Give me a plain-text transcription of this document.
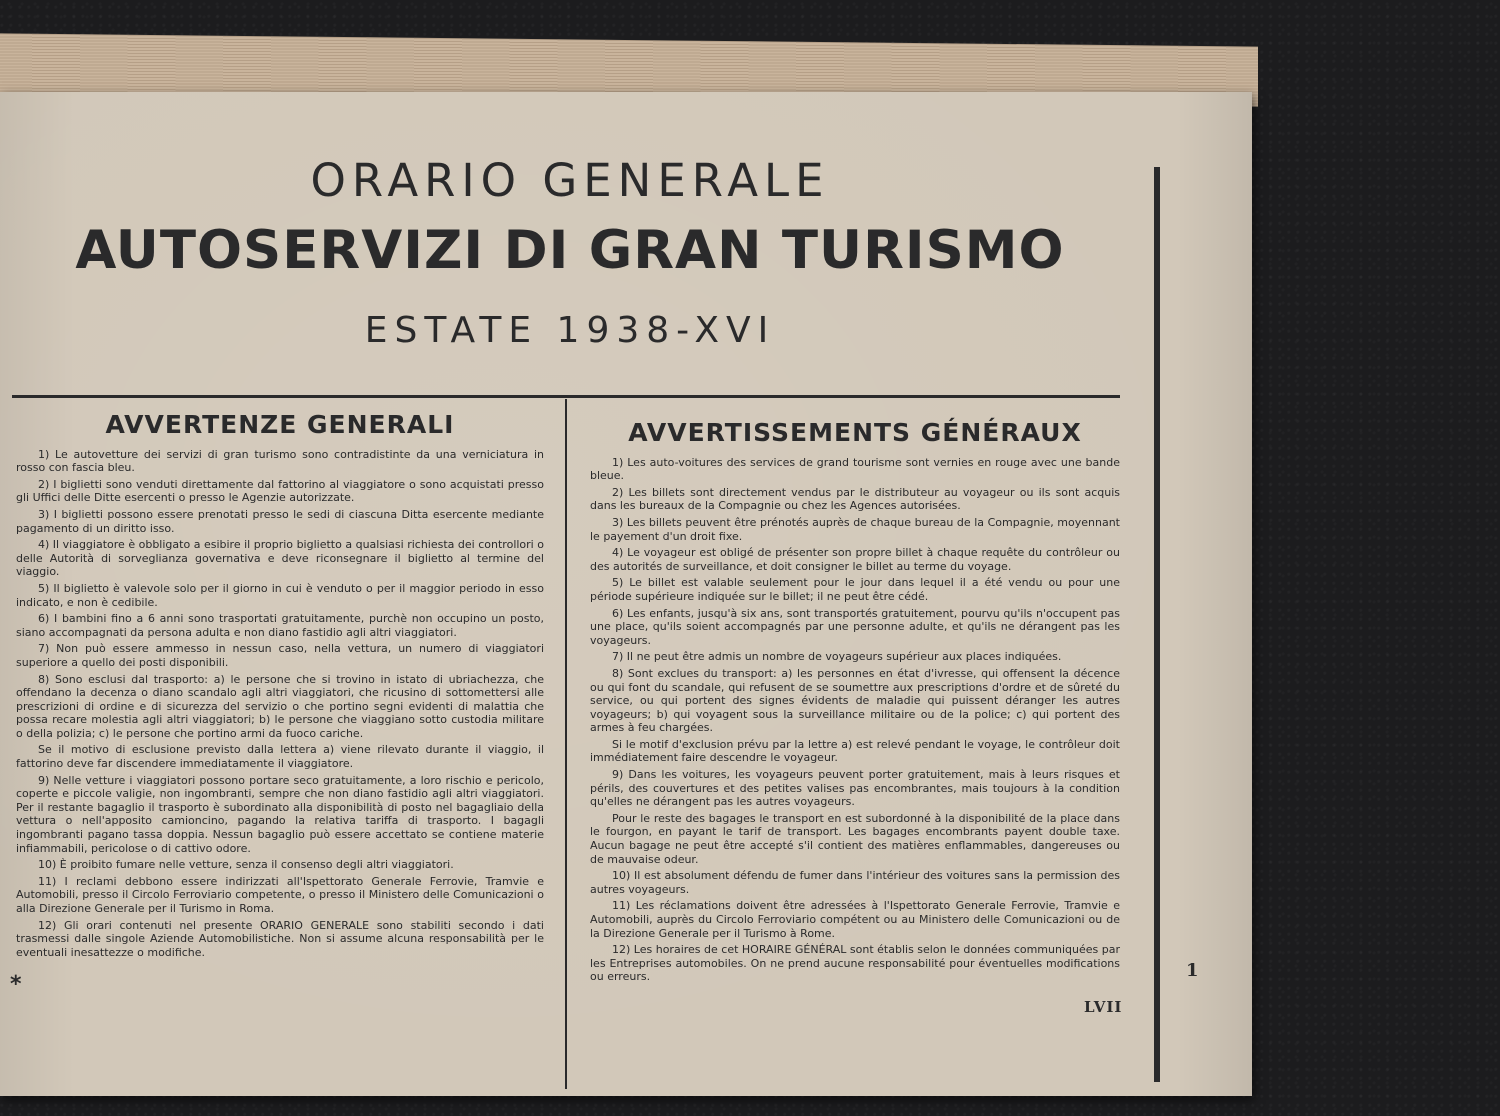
ORARIO GENERALE
AUTOSERVIZI DI GRAN TURISMO
ESTATE 1938-XVI
AVVERTENZE GENERALI

1) Le autovetture dei servizi di gran turismo sono contradistinte da una verniciatura in rosso con fascia bleu.

2) I biglietti sono venduti direttamente dal fattorino al viaggiatore o sono acquistati presso gli Uffici delle Ditte esercenti o presso le Agenzie autorizzate.

3) I biglietti possono essere prenotati presso le sedi di ciascuna Ditta esercente mediante pagamento di un diritto isso.

4) Il viaggiatore è obbligato a esibire il proprio biglietto a qualsiasi richiesta dei controllori o delle Autorità di sorveglianza governativa e deve riconsegnare il biglietto al termine del viaggio.

5) Il biglietto è valevole solo per il giorno in cui è venduto o per il maggior periodo in esso indicato, e non è cedibile.

6) I bambini fino a 6 anni sono trasportati gratuitamente, purchè non occupino un posto, siano accompagnati da persona adulta e non diano fastidio agli altri viaggiatori.

7) Non può essere ammesso in nessun caso, nella vettura, un numero di viaggiatori superiore a quello dei posti disponibili.

8) Sono esclusi dal trasporto: a) le persone che si trovino in istato di ubriachezza, che offendano la decenza o diano scandalo agli altri viaggiatori, che ricusino di sottomettersi alle prescrizioni di ordine e di sicurezza del servizio o che portino segni evidenti di malattia che possa recare molestia agli altri viaggiatori; b) le persone che viaggiano sotto custodia militare o della polizia; c) le persone che portino armi da fuoco cariche.

Se il motivo di esclusione previsto dalla lettera a) viene rilevato durante il viaggio, il fattorino deve far discendere immediatamente il viaggiatore.

9) Nelle vetture i viaggiatori possono portare seco gratuitamente, a loro rischio e pericolo, coperte e piccole valigie, non ingombranti, sempre che non diano fastidio agli altri viaggiatori. Per il restante bagaglio il trasporto è subordinato alla disponibilità di posto nel bagagliaio della vettura o nell'apposito camioncino, pagando la relativa tariffa di trasporto. I bagagli ingombranti pagano tassa doppia. Nessun bagaglio può essere accettato se contiene materie infiammabili, pericolose o di cattivo odore.

10) È proibito fumare nelle vetture, senza il consenso degli altri viaggiatori.

11) I reclami debbono essere indirizzati all'Ispettorato Generale Ferrovie, Tramvie e Automobili, presso il Circolo Ferroviario competente, o presso il Ministero delle Comunicazioni o alla Direzione Generale per il Turismo in Roma.

12) Gli orari contenuti nel presente ORARIO GENERALE sono stabiliti secondo i dati trasmessi dalle singole Aziende Automobilistiche. Non si assume alcuna responsabilità per le eventuali inesattezze o modifiche.

AVVERTISSEMENTS GÉNÉRAUX

1) Les auto-voitures des services de grand tourisme sont vernies en rouge avec une bande bleue.

2) Les billets sont directement vendus par le distributeur au voyageur ou ils sont acquis dans les bureaux de la Compagnie ou chez les Agences autorisées.

3) Les billets peuvent être prénotés auprès de chaque bureau de la Compagnie, moyennant le payement d'un droit fixe.

4) Le voyageur est obligé de présenter son propre billet à chaque requête du contrôleur ou des autorités de surveillance, et doit consigner le billet au terme du voyage.

5) Le billet est valable seulement pour le jour dans lequel il a été vendu ou pour une période supérieure indiquée sur le billet; il ne peut être cédé.

6) Les enfants, jusqu'à six ans, sont transportés gratuitement, pourvu qu'ils n'occupent pas une place, qu'ils soient accompagnés par une personne adulte, et qu'ils ne dérangent pas les voyageurs.

7) Il ne peut être admis un nombre de voyageurs supérieur aux places indiquées.

8) Sont exclues du transport: a) les personnes en état d'ivresse, qui offensent la décence ou qui font du scandale, qui refusent de se soumettre aux prescriptions d'ordre et de sûreté du service, ou qui portent des signes évidents de maladie qui puissent déranger les autres voyageurs; b) qui voyagent sous la surveillance militaire ou de la police; c) qui portent des armes à feu chargées.

Si le motif d'exclusion prévu par la lettre a) est relevé pendant le voyage, le contrôleur doit immédiatement faire descendre le voyageur.

9) Dans les voitures, les voyageurs peuvent porter gratuitement, mais à leurs risques et périls, des couvertures et des petites valises pas encombrantes, mais toujours à la condition qu'elles ne dérangent pas les autres voyageurs.

Pour le reste des bagages le transport en est subordonné à la disponibilité de la place dans le fourgon, en payant le tarif de transport. Les bagages encombrants payent double taxe. Aucun bagage ne peut être accepté s'il contient des matières enflammables, dangereuses ou de mauvaise odeur.

10) Il est absolument défendu de fumer dans l'intérieur des voitures sans la permission des autres voyageurs.

11) Les réclamations doivent être adressées à l'Ispettorato Generale Ferrovie, Tramvie e Automobili, auprès du Circolo Ferroviario compétent ou au Ministero delle Comunicazioni ou de la Direzione Generale per il Turismo à Rome.

12) Les horaires de cet HORAIRE GÉNÉRAL sont établis selon le données communiquées par les Entreprises automobiles. On ne prend aucune responsabilité pour éventuelles modifications ou erreurs.

*
1
LVII
